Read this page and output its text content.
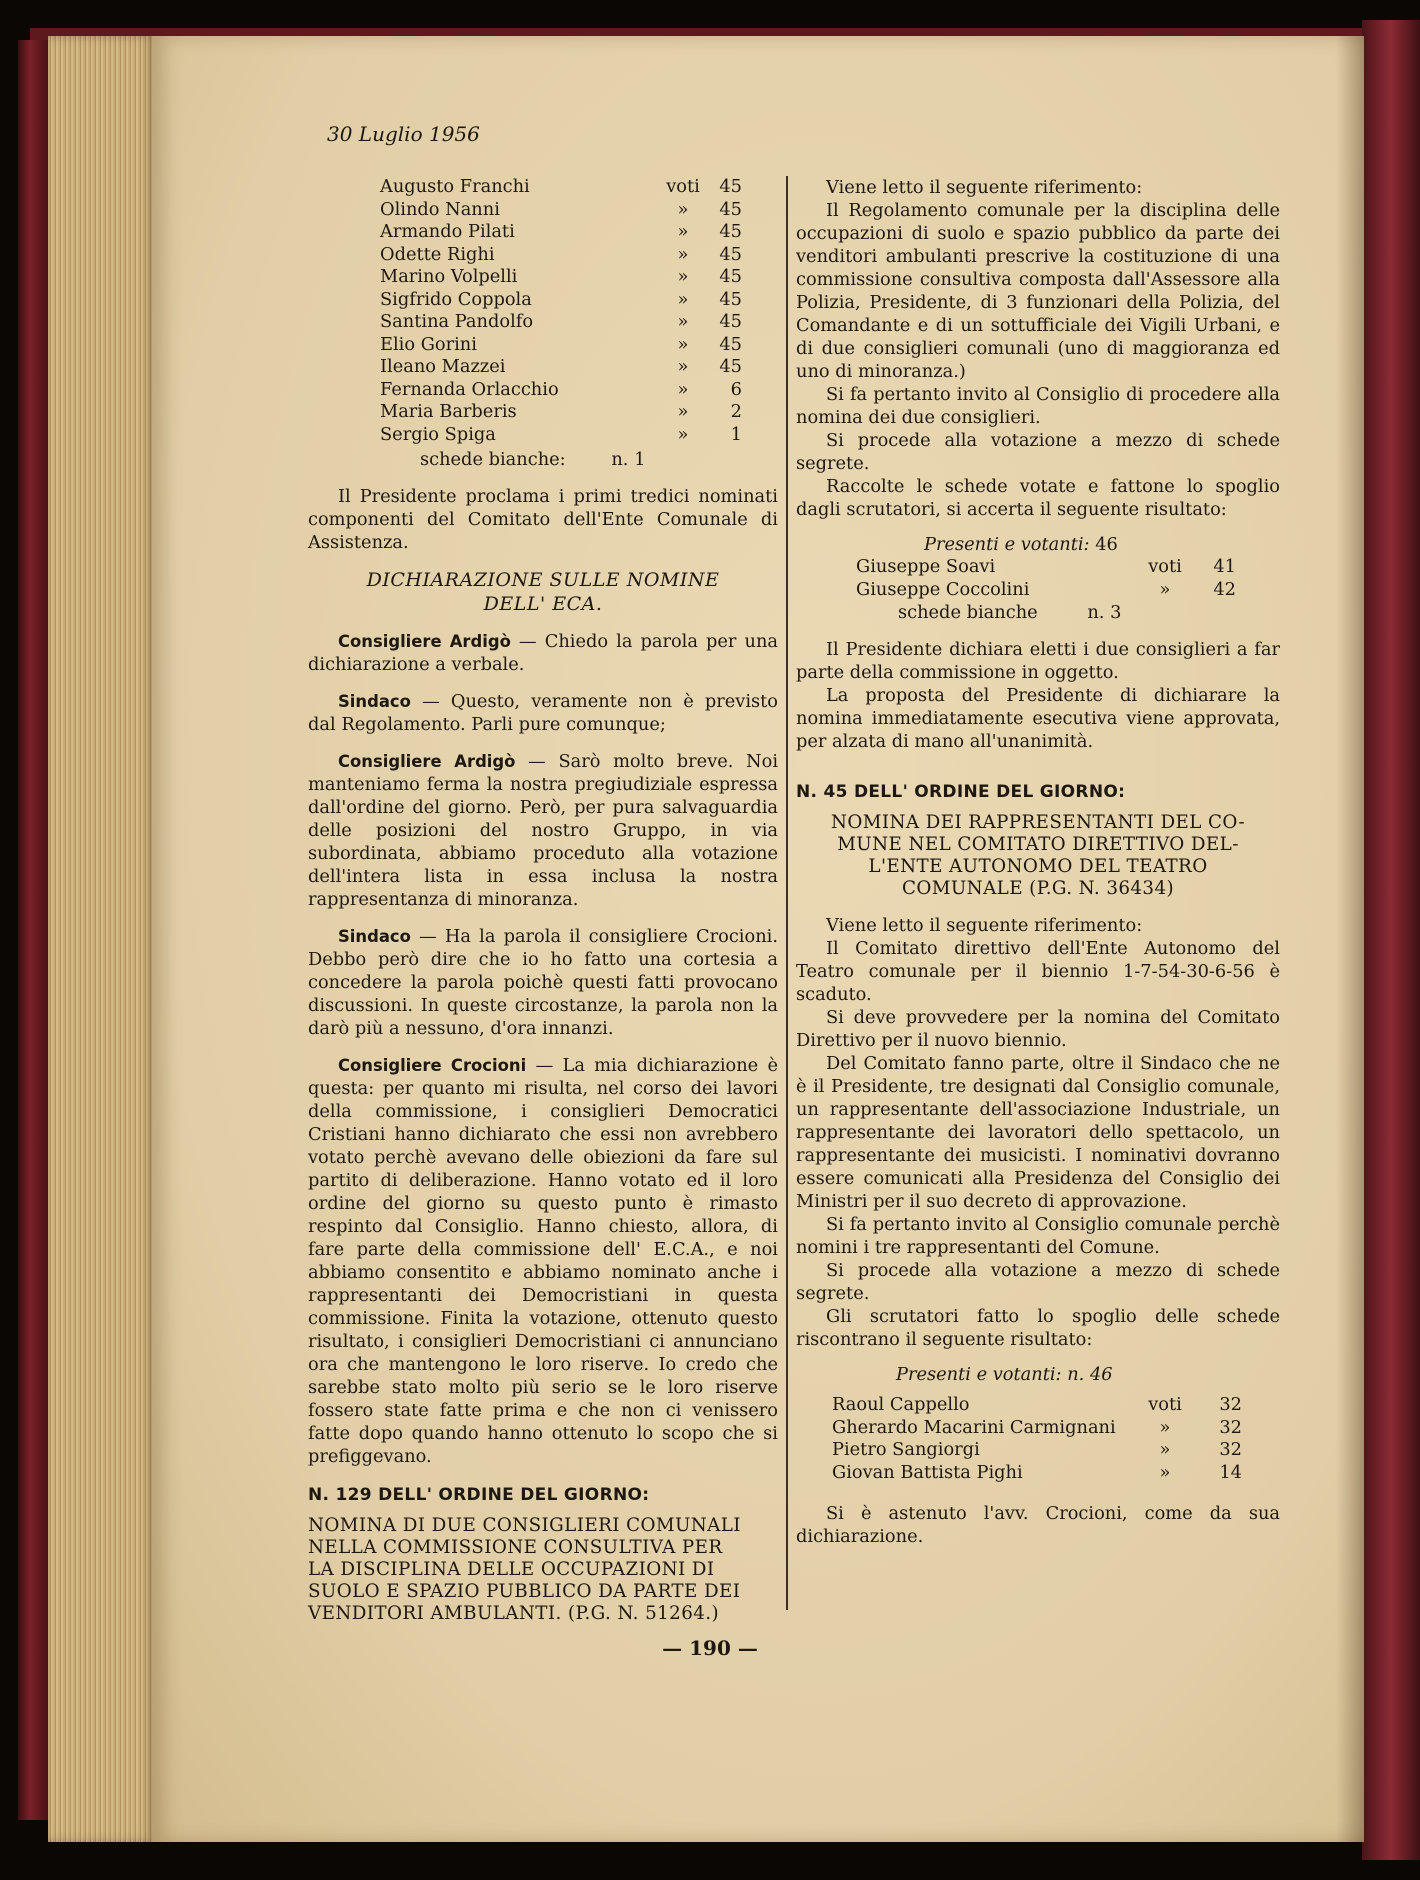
30 Luglio 1956
Augusto Franchi	voti	45
Olindo Nanni	»	45
Armando Pilati	»	45
Odette Righi	»	45
Marino Volpelli	»	45
Sigfrido Coppola	»	45
Santina Pandolfo	»	45
Elio Gorini	»	45
Ileano Mazzei	»	45
Fernanda Orlacchio	»	6
Maria Barberis	»	2
Sergio Spiga	»	1
schede bianche:	n. 1

Il Presidente proclama i primi tredici nominati componenti del Comitato dell'Ente Comunale di Assistenza.

DICHIARAZIONE SULLE NOMINE
DELL' ECA.

Consigliere Ardigò — Chiedo la parola per una dichiarazione a verbale.

Sindaco — Questo, veramente non è previsto dal Regolamento. Parli pure comunque;

Consigliere Ardigò — Sarò molto breve. Noi manteniamo ferma la nostra pregiudiziale espressa dall'ordine del giorno. Però, per pura salvaguardia delle posizioni del nostro Gruppo, in via subordinata, abbiamo proceduto alla votazione dell'intera lista in essa inclusa la nostra rappresentanza di minoranza.

Sindaco — Ha la parola il consigliere Crocioni. Debbo però dire che io ho fatto una cortesia a concedere la parola poichè questi fatti provocano discussioni. In queste circostanze, la parola non la darò più a nessuno, d'ora innanzi.

Consigliere Crocioni — La mia dichiarazione è questa: per quanto mi risulta, nel corso dei lavori della commissione, i consiglieri Democratici Cristiani hanno dichiarato che essi non avrebbero votato perchè avevano delle obiezioni da fare sul partito di deliberazione. Hanno votato ed il loro ordine del giorno su questo punto è rimasto respinto dal Consiglio. Hanno chiesto, allora, di fare parte della commissione dell' E.C.A., e noi abbiamo consentito e abbiamo nominato anche i rappresentanti dei Democristiani in questa commissione. Finita la votazione, ottenuto questo risultato, i consiglieri Democristiani ci annunciano ora che mantengono le loro riserve. Io credo che sarebbe stato molto più serio se le loro riserve fossero state fatte prima e che non ci venissero fatte dopo quando hanno ottenuto lo scopo che si prefiggevano.

N. 129 DELL' ORDINE DEL GIORNO:
NOMINA DI DUE CONSIGLIERI COMUNALI
NELLA COMMISSIONE CONSULTIVA PER
LA DISCIPLINA DELLE OCCUPAZIONI DI
SUOLO E SPAZIO PUBBLICO DA PARTE DEI
VENDITORI AMBULANTI. (P.G. N. 51264.)

Viene letto il seguente riferimento:

Il Regolamento comunale per la disciplina delle occupazioni di suolo e spazio pubblico da parte dei venditori ambulanti prescrive la costituzione di una commissione consultiva composta dall'Assessore alla Polizia, Presidente, di 3 funzionari della Polizia, del Comandante e di un sottufficiale dei Vigili Urbani, e di due consiglieri comunali (uno di maggioranza ed uno di minoranza.)

Si fa pertanto invito al Consiglio di procedere alla nomina dei due consiglieri.

Si procede alla votazione a mezzo di schede segrete.

Raccolte le schede votate e fattone lo spoglio dagli scrutatori, si accerta il seguente risultato:

Presenti e votanti: 46
Giuseppe Soavi	voti	41
Giuseppe Coccolini	»	42
schede bianche	n. 3

Il Presidente dichiara eletti i due consiglieri a far parte della commissione in oggetto.

La proposta del Presidente di dichiarare la nomina immediatamente esecutiva viene approvata, per alzata di mano all'unanimità.

N. 45 DELL' ORDINE DEL GIORNO:
NOMINA DEI RAPPRESENTANTI DEL CO-
MUNE NEL COMITATO DIRETTIVO DEL-
L'ENTE AUTONOMO DEL TEATRO
COMUNALE (P.G. N. 36434)

Viene letto il seguente riferimento:

Il Comitato direttivo dell'Ente Autonomo del Teatro comunale per il biennio 1-7-54-30-6-56 è scaduto.

Si deve provvedere per la nomina del Comitato Direttivo per il nuovo biennio.

Del Comitato fanno parte, oltre il Sindaco che ne è il Presidente, tre designati dal Consiglio comunale, un rappresentante dell'associazione Industriale, un rappresentante dei lavoratori dello spettacolo, un rappresentante dei musicisti. I nominativi dovranno essere comunicati alla Presidenza del Consiglio dei Ministri per il suo decreto di approvazione.

Si fa pertanto invito al Consiglio comunale perchè nomini i tre rappresentanti del Comune.

Si procede alla votazione a mezzo di schede segrete.

Gli scrutatori fatto lo spoglio delle schede riscontrano il seguente risultato:

Presenti e votanti: n. 46
Raoul Cappello	voti	32
Gherardo Macarini Carmignani	»	32
Pietro Sangiorgi	»	32
Giovan Battista Pighi	»	14

Si è astenuto l'avv. Crocioni, come da sua dichiarazione.

— 190 —
